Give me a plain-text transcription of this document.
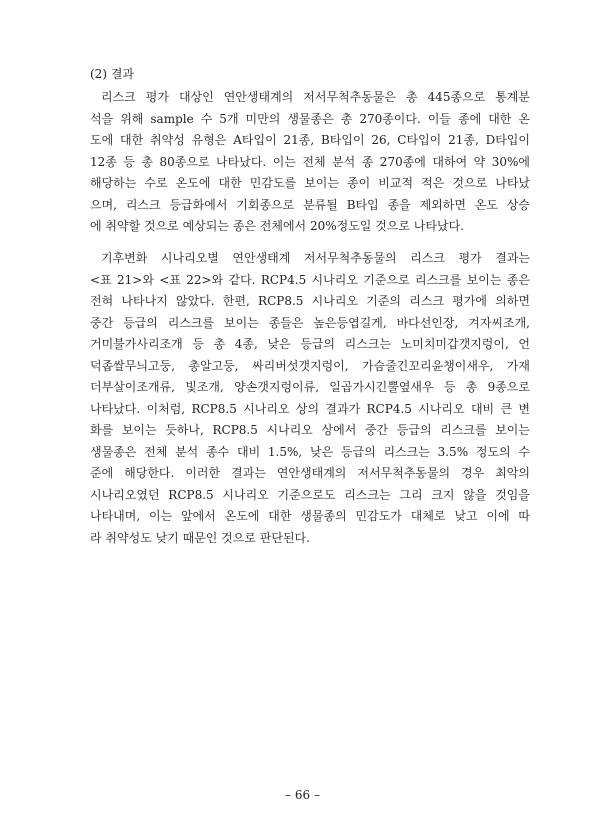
(2) 결과
리스크 평가 대상인 연안생태계의 저서무척추동물은 총 445종으로 통계분
석을 위해 sample 수 5개 미만의 생물종은 총 270종이다. 이들 종에 대한 온
도에 대한 취약성 유형은 A타입이 21종, B타입이 26, C타입이 21종, D타입이
12종 등 총 80종으로 나타났다. 이는 전체 분석 종 270종에 대하여 약 30%에
해당하는 수로 온도에 대한 민감도를 보이는 종이 비교적 적은 것으로 나타났
으며, 리스크 등급화에서 기회종으로 분류될 B타입 종을 제외하면 온도 상승
에 취약할 것으로 예상되는 종은 전체에서 20%정도일 것으로 나타났다.
기후변화 시나리오별 연안생태계 저서무척추동물의 리스크 평가 결과는
<표 21>와 <표 22>와 같다. RCP4.5 시나리오 기준으로 리스크를 보이는 종은
전혀 나타나지 않았다. 한편, RCP8.5 시나리오 기준의 리스크 평가에 의하면
중간 등급의 리스크를 보이는 종들은 높은등엽길게, 바다선인장, 겨자씨조개,
거미불가사리조개 등 총 4종, 낮은 등급의 리스크는 노미치미갑갯지렁이, 언
덕좁쌀무늬고둥, 총알고둥, 싸리버섯갯지렁이, 가슴줄긴꼬리윤챙이새우, 가재
더부살이조개류, 빛조개, 양손갯지렁이류, 일곱가시긴뿔옆새우 등 총 9종으로
나타났다. 이처럼, RCP8.5 시나리오 상의 결과가 RCP4.5 시나리오 대비 큰 변
화를 보이는 듯하나, RCP8.5 시나리오 상에서 중간 등급의 리스크를 보이는
생물종은 전체 분석 종수 대비 1.5%, 낮은 등급의 리스크는 3.5% 정도의 수
준에 해당한다. 이러한 결과는 연안생태계의 저서무척추동물의 경우 최악의
시나리오였던 RCP8.5 시나리오 기준으로도 리스크는 그리 크지 않을 것임을
나타내며, 이는 앞에서 온도에 대한 생물종의 민감도가 대체로 낮고 이에 따
라 취약성도 낮기 때문인 것으로 판단된다.
– 66 –
